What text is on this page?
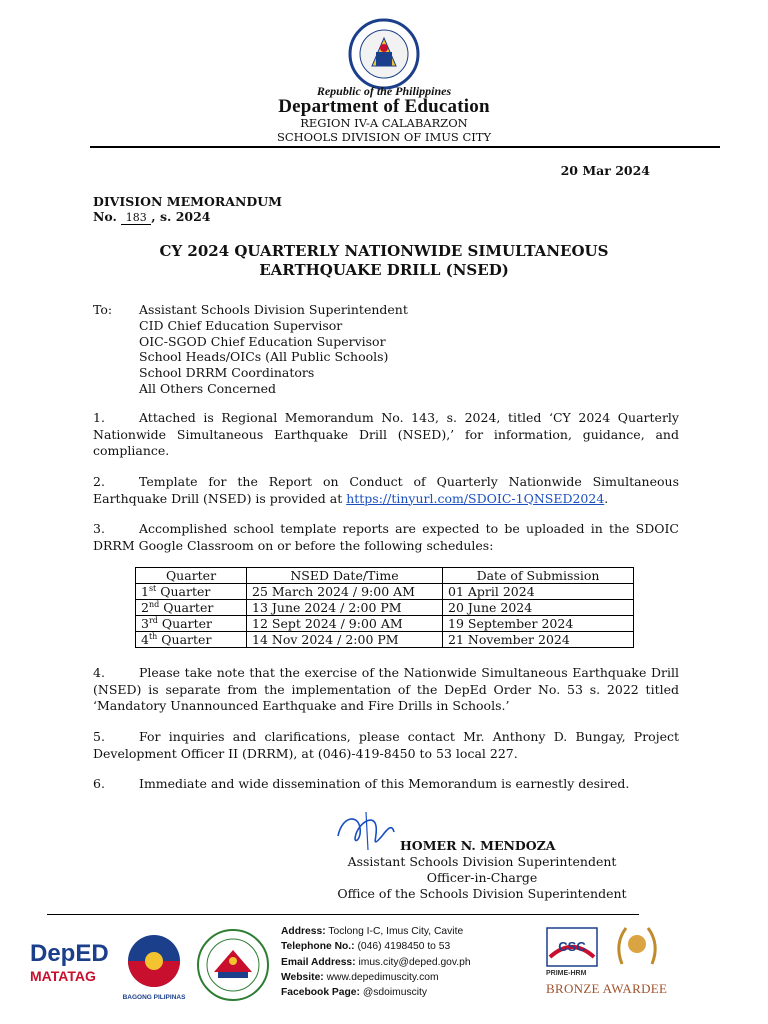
Republic of the Philippines
Department of Education
REGION IV-A CALABARZON
SCHOOLS DIVISION OF IMUS CITY
20 Mar 2024
DIVISION MEMORANDUM
No. 183 , s. 2024
CY 2024 QUARTERLY NATIONWIDE SIMULTANEOUS
EARTHQUAKE DRILL (NSED)
To: Assistant Schools Division Superintendent
CID Chief Education Supervisor
OIC-SGOD Chief Education Supervisor
School Heads/OICs (All Public Schools)
School DRRM Coordinators
All Others Concerned
1.	Attached is Regional Memorandum No. 143, s. 2024, titled ‘CY 2024 Quarterly Nationwide Simultaneous Earthquake Drill (NSED),’ for information, guidance, and compliance.
2.	Template for the Report on Conduct of Quarterly Nationwide Simultaneous Earthquake Drill (NSED) is provided at https://tinyurl.com/SDOIC-1QNSED2024.
3.	Accomplished school template reports are expected to be uploaded in the SDOIC DRRM Google Classroom on or before the following schedules:
Quarter	NSED Date/Time	Date of Submission
1st Quarter	25 March 2024 / 9:00 AM	01 April 2024
2nd Quarter	13 June 2024 / 2:00 PM	20 June 2024
3rd Quarter	12 Sept 2024 / 9:00 AM	19 September 2024
4th Quarter	14 Nov 2024 / 2:00 PM	21 November 2024
4.	Please take note that the exercise of the Nationwide Simultaneous Earthquake Drill (NSED) is separate from the implementation of the DepEd Order No. 53 s. 2022 titled ‘Mandatory Unannounced Earthquake and Fire Drills in Schools.’
5.	For inquiries and clarifications, please contact Mr. Anthony D. Bungay, Project Development Officer II (DRRM), at (046)-419-8450 to 53 local 227.
6.	Immediate and wide dissemination of this Memorandum is earnestly desired.
HOMER N. MENDOZA
Assistant Schools Division Superintendent
Officer-in-Charge
Office of the Schools Division Superintendent
DepED
MATATAG
BAGONG PILIPINAS
Address: Toclong I-C, Imus City, Cavite
Telephone No.: (046) 4198450 to 53
Email Address: imus.city@deped.gov.ph
Website: www.depedimuscity.com
Facebook Page: @sdoimuscity
CSC
PRIME-HRM
BRONZE AWARDEE
